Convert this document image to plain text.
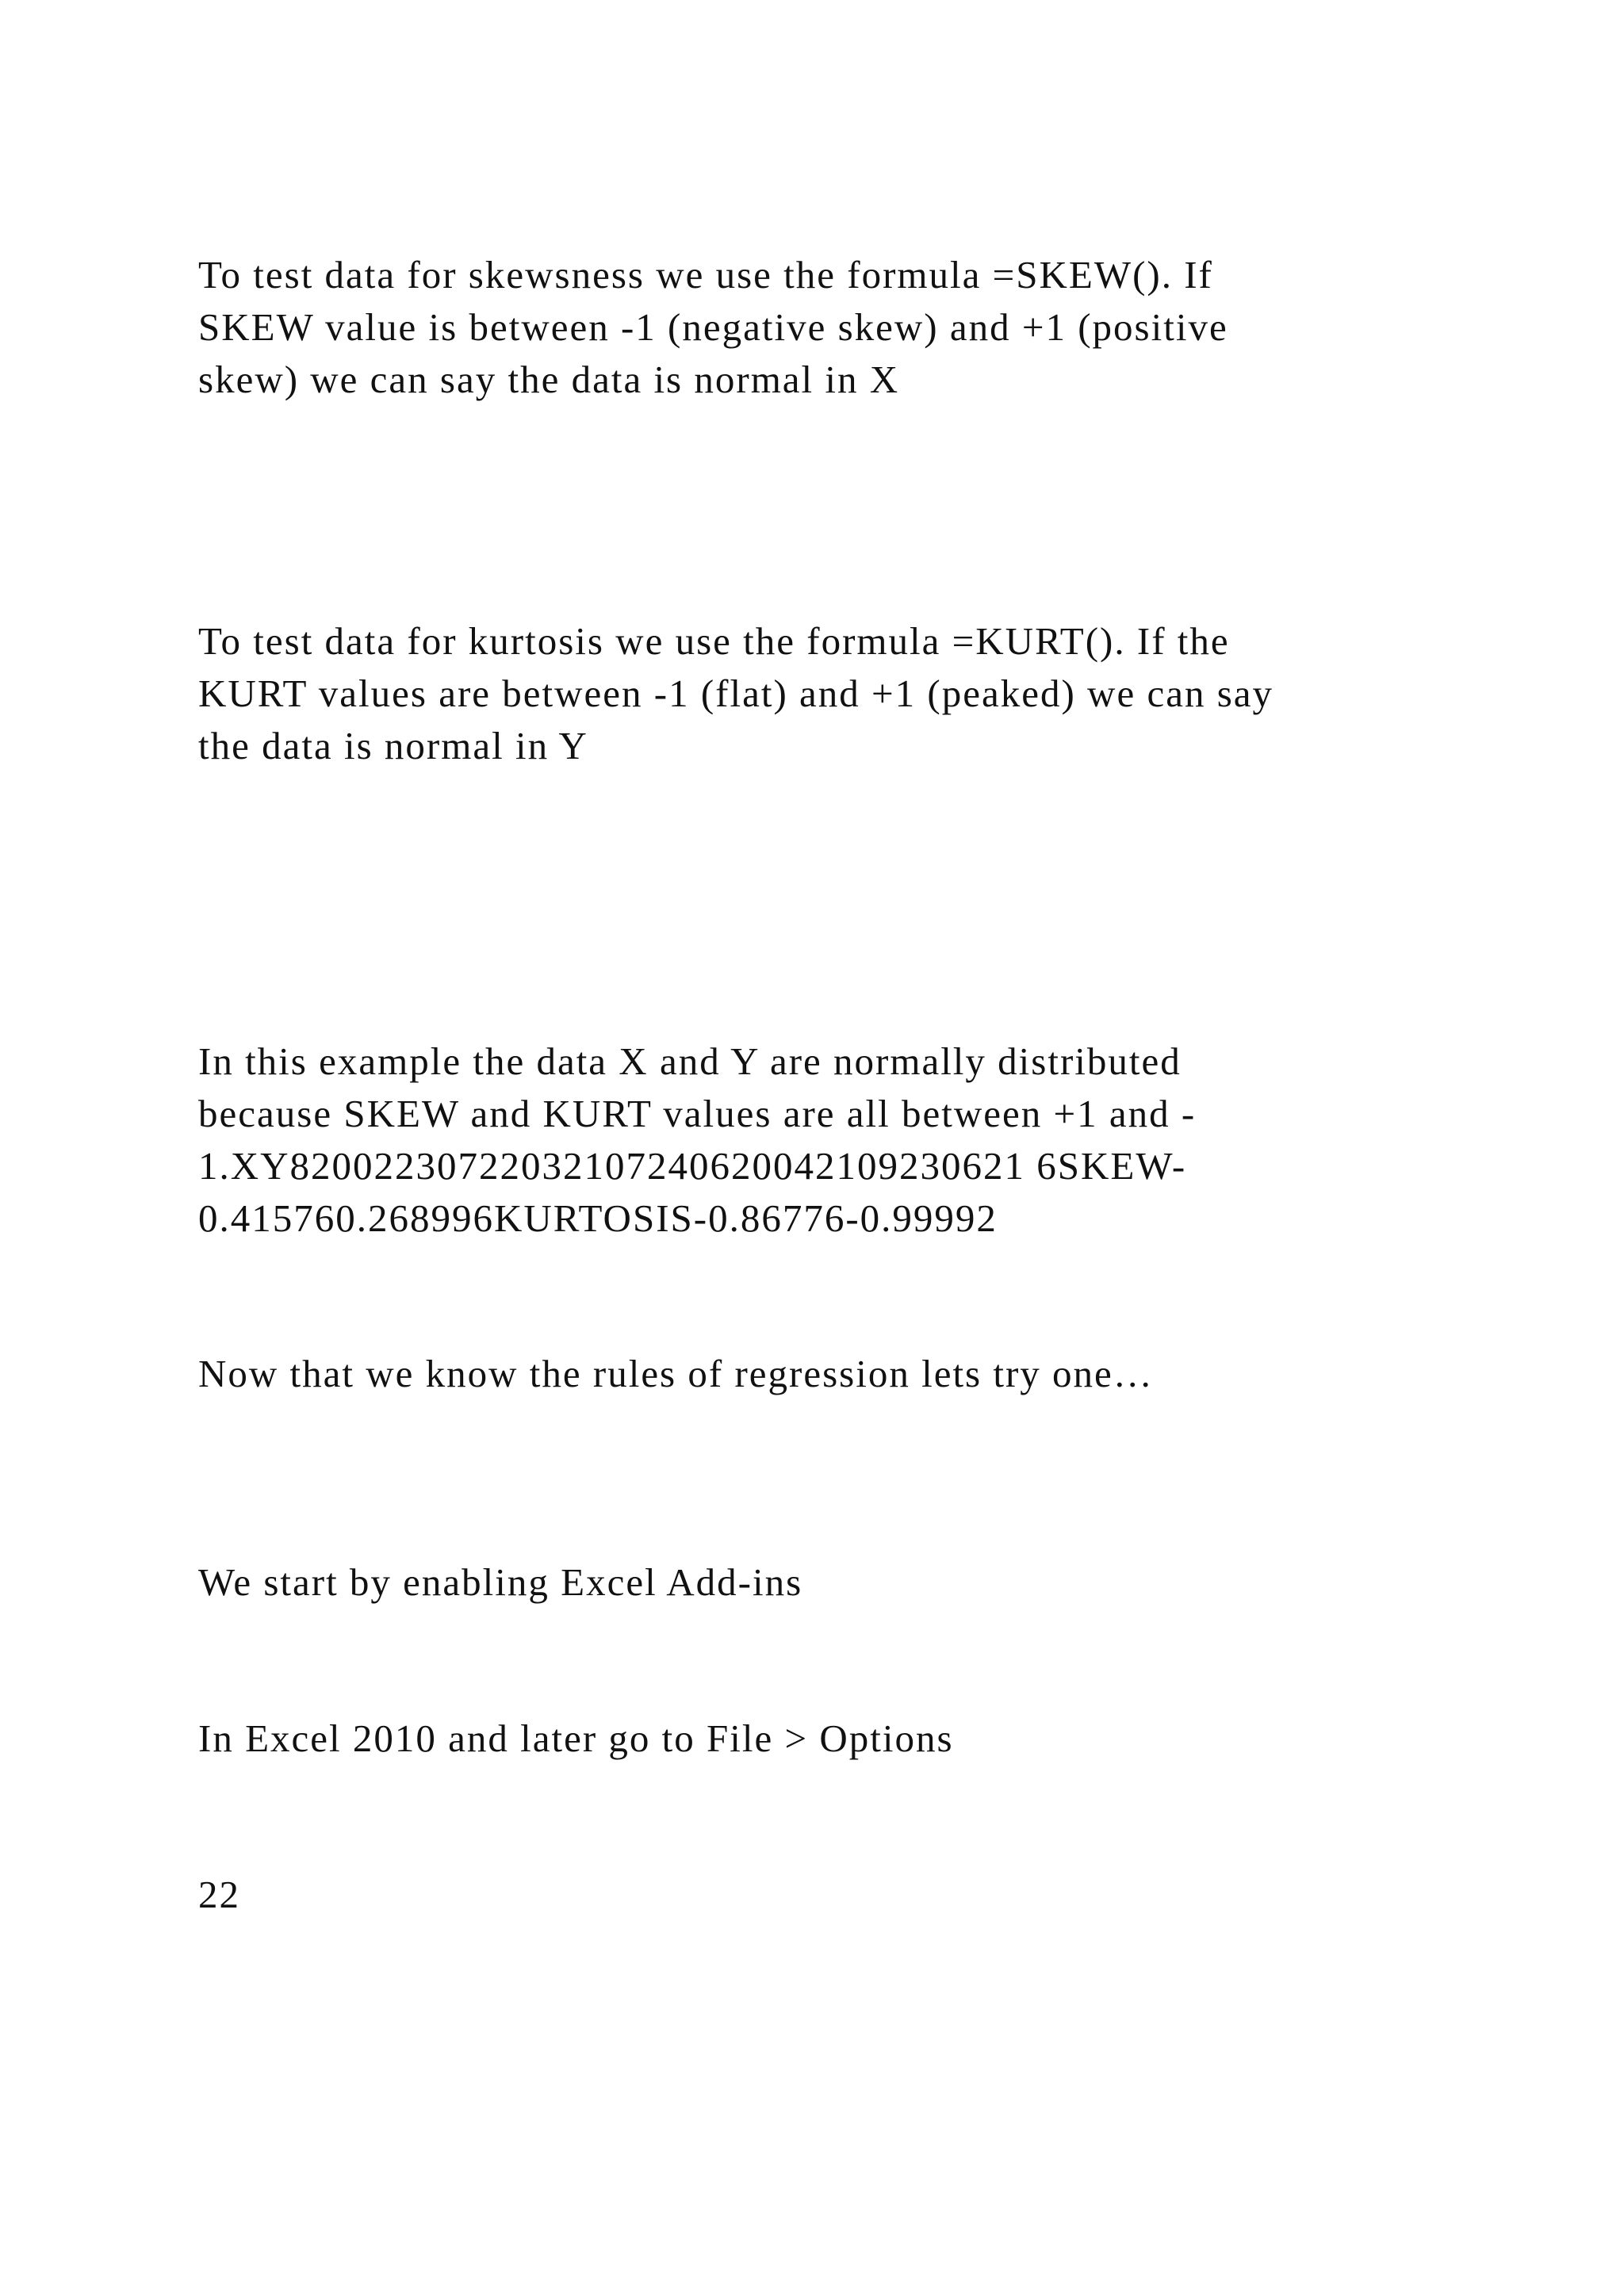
To test data for skewsness we use the formula =SKEW(). If
SKEW value is between -1 (negative skew) and +1 (positive
skew) we can say the data is normal in X

To test data for kurtosis we use the formula =KURT(). If the
KURT values are between -1 (flat) and +1 (peaked) we can say
the data is normal in Y

In this example the data X and Y are normally distributed
because SKEW and KURT values are all between +1 and -
1.XY82002230722032107240620042109230621 6SKEW-
0.415760.268996KURTOSIS-0.86776-0.99992

Now that we know the rules of regression lets try one…

We start by enabling Excel Add-ins

In Excel 2010 and later go to File > Options

22
